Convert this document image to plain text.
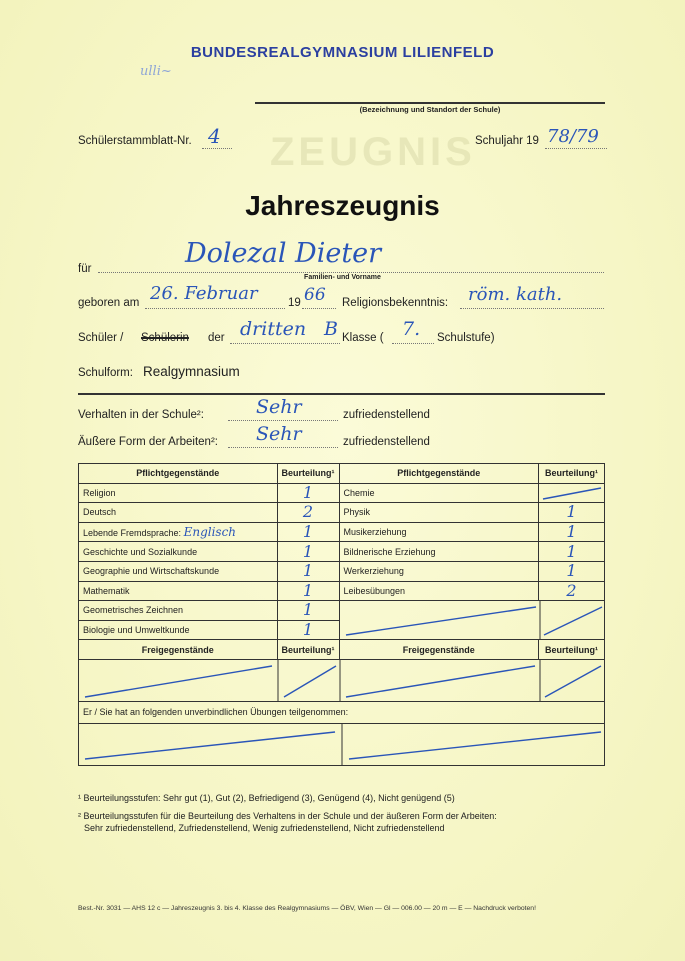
ZEUGNIS
BUNDESREALGYMNASIUM LILIENFELD
ulli~
(Bezeichnung und Standort der Schule)
Schülerstammblatt-Nr. 4	Schuljahr 19 78/79
Jahreszeugnis
für	Dolezal Dieter
Familien- und Vorname
geboren am 26. Februar	19 66 Religionsbekenntnis: röm. kath.
Schüler / Schülerin der dritten B Klasse ( 7. Schulstufe)
Schulform: Realgymnasium
Verhalten in der Schule²:	Sehr	zufriedenstellend
Äußere Form der Arbeiten²: Sehr	zufriedenstellend
Pflichtgegenstände	Beurteilung¹	Pflichtgegenstände	Beurteilung¹
Religion	1	Chemie	

Deutsch	2	Physik	1
Lebende Fremdsprache: Englisch	1	Musikerziehung	1
Geschichte und Sozialkunde	1	Bildnerische Erziehung	1
Geographie und Wirtschaftskunde	1	Werkerziehung	1
Mathematik	1	Leibesübungen	2
Geometrisches Zeichnen	1	

Biologie und Umweltkunde	1		
Freigegenstände	Beurteilung¹	Freigegenstände	Beurteilung¹

Er / Sie hat an folgenden unverbindlichen Übungen teilgenommen:			

¹ Beurteilungsstufen: Sehr gut (1), Gut (2), Befriedigend (3), Genügend (4), Nicht genügend (5)
² Beurteilungsstufen für die Beurteilung des Verhaltens in der Schule und der äußeren Form der Arbeiten:
Sehr zufriedenstellend, Zufriedenstellend, Wenig zufriedenstellend, Nicht zufriedenstellend
Best.-Nr. 3031 — AHS 12 c — Jahreszeugnis 3. bis 4. Klasse des Realgymnasiums — ÖBV, Wien — Gl — 006.00 — 20 m — E — Nachdruck verboten!
